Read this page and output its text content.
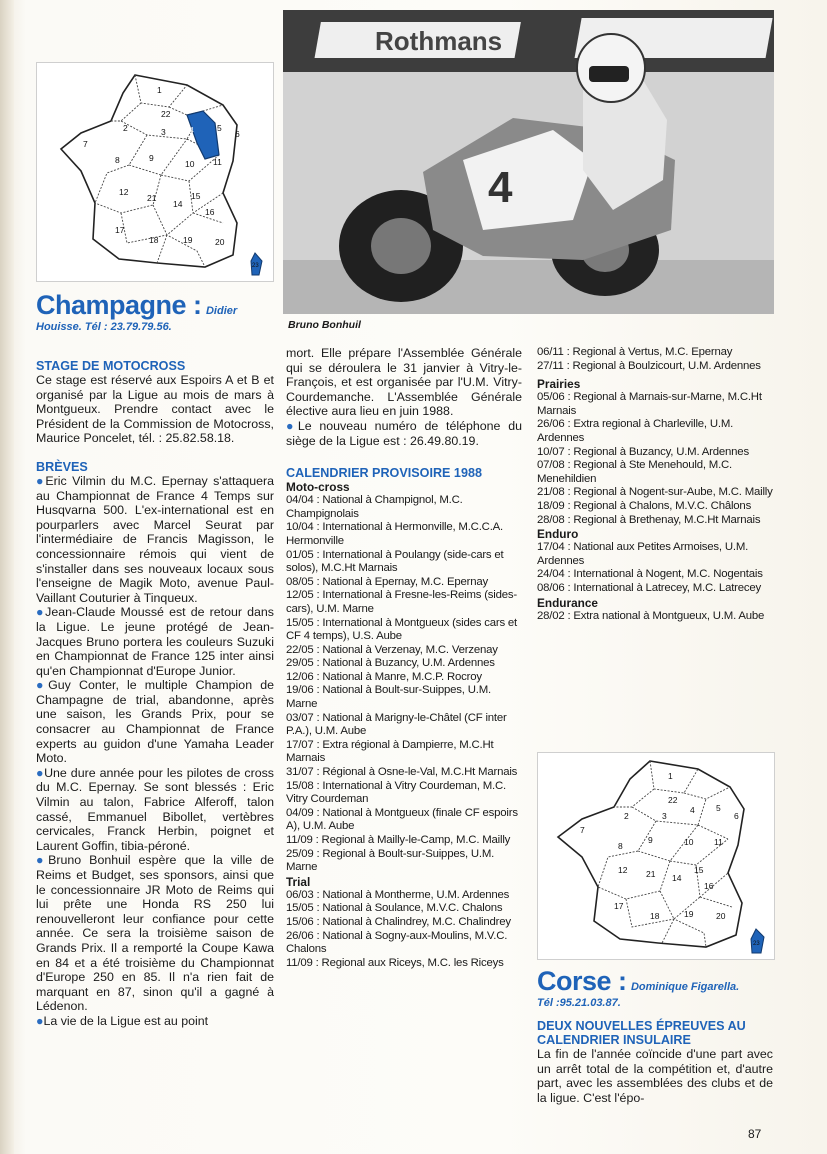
1
22
2	3	4	5
6
7
8	9
10 11
12
21
14
15
16
17
18	19	20
23
Champagne : Didier
Houisse. Tél : 23.79.79.56.

STAGE DE MOTOCROSS

Ce stage est réservé aux Espoirs A et B et organisé par la Ligue au mois de mars à Montgueux. Prendre contact avec le Président de la Commission de Motocross, Maurice Poncelet, tél. : 25.82.58.18.

BRÈVES

●Eric Vilmin du M.C. Epernay s'attaquera au Championnat de France 4 Temps sur Husqvarna 500. L'ex-international est en pourparlers avec Marcel Seurat par l'intermédiaire de Francis Magisson, le concessionnaire rémois qui vient de s'installer dans ses nouveaux locaux sous l'enseigne de Magik Moto, avenue Paul-Vaillant Couturier à Tinqueux.

●Jean-Claude Moussé est de retour dans la Ligue. Le jeune protégé de Jean-Jacques Bruno portera les couleurs Suzuki en Championnat de France 125 inter ainsi qu'en Championnat d'Europe Junior.

●Guy Conter, le multiple Champion de Champagne de trial, abandonne, après une saison, les Grands Prix, pour se consacrer au Championnat de France experts au guidon d'une Yamaha Leader Moto.

●Une dure année pour les pilotes de cross du M.C. Epernay. Se sont blessés : Eric Vilmin au talon, Fabrice Alferoff, talon cassé, Emmanuel Bibollet, vertèbres cervicales, Franck Herbin, poignet et Laurent Goffin, tibia-péroné.

●Bruno Bonhuil espère que la ville de Reims et Budget, ses sponsors, ainsi que le concessionnaire JR Moto de Reims qui lui prête une Honda RS 250 lui renouvelleront leur confiance pour cette année. Ce sera la troisième saison de Grands Prix. Il a remporté la Coupe Kawa en 84 et a été troisième du Championnat d'Europe 250 en 85. Il n'a rien fait de marquant en 87, sinon qu'il a gagné à Lédenon.

●La vie de la Ligue est au point

Rothmans
4
Bruno Bonhuil

mort. Elle prépare l'Assemblée Générale qui se déroulera le 31 janvier à Vitry-le-François, et est organisée par l'U.M. Vitry-Courdemanche. L'Assemblée Générale élective aura lieu en juin 1988.

●Le nouveau numéro de téléphone du siège de la Ligue est : 26.49.80.19.

CALENDRIER PROVISOIRE 1988

Moto-cross

04/04 : National à Champignol, M.C. Champignolais

10/04 : International à Hermonville, M.C.C.A. Hermonville

01/05 : International à Poulangy (side-cars et solos), M.C.Ht Marnais

08/05 : National à Epernay, M.C. Epernay

12/05 : International à Fresne-les-Reims (sides-cars), U.M. Marne

15/05 : International à Montgueux (sides cars et CF 4 temps), U.S. Aube

22/05 : National à Verzenay, M.C. Verzenay

29/05 : National à Buzancy, U.M. Ardennes

12/06 : National à Manre, M.C.P. Rocroy

19/06 : National à Boult-sur-Suippes, U.M. Marne

03/07 : National à Marigny-le-Châtel (CF inter P.A.), U.M. Aube

17/07 : Extra régional à Dampierre, M.C.Ht Marnais

31/07 : Régional à Osne-le-Val, M.C.Ht Marnais

15/08 : International à Vitry Courdeman, M.C. Vitry Courdeman

04/09 : National à Montgueux (finale CF espoirs A), U.M. Aube

11/09 : Regional à Mailly-le-Camp, M.C. Mailly

25/09 : Regional à Boult-sur-Suippes, U.M. Marne

Trial

06/03 : National à Montherme, U.M. Ardennes

15/05 : National à Soulance, M.V.C. Chalons

15/06 : National à Chalindrey, M.C. Chalindrey

26/06 : National à Sogny-aux-Moulins, M.V.C. Chalons

11/09 : Regional aux Riceys, M.C. les Riceys

06/11 : Regional à Vertus, M.C. Epernay

27/11 : Regional à Boulzicourt, U.M. Ardennes

Prairies

05/06 : Regional à Marnais-sur-Marne, M.C.Ht Marnais

26/06 : Extra regional à Charleville, U.M. Ardennes

10/07 : Regional à Buzancy, U.M. Ardennes

07/08 : Regional à Ste Menehould, M.C. Menehildien

21/08 : Regional à Nogent-sur-Aube, M.C. Mailly

18/09 : Regional à Chalons, M.V.C. Châlons

28/08 : Regional à Brethenay, M.C.Ht Marnais

Enduro

17/04 : National aux Petites Armoises, U.M. Ardennes

24/04 : International à Nogent, M.C. Nogentais

08/06 : International à Latrecey, M.C. Latrecey

Endurance

28/02 : Extra national à Montgueux, U.M. Aube

1
22
2	3
4	5
6
7
8
9	10 11
12 21 14
15
16
17
18	19	20
23
Corse : Dominique Figarella.
Tél :95.21.03.87.

DEUX NOUVELLES ÉPREUVES AU

CALENDRIER INSULAIRE

La fin de l'année coïncide d'une part avec un arrêt total de la compétition et, d'autre part, avec les assemblées des clubs et de la ligue. C'est l'épo-

87
